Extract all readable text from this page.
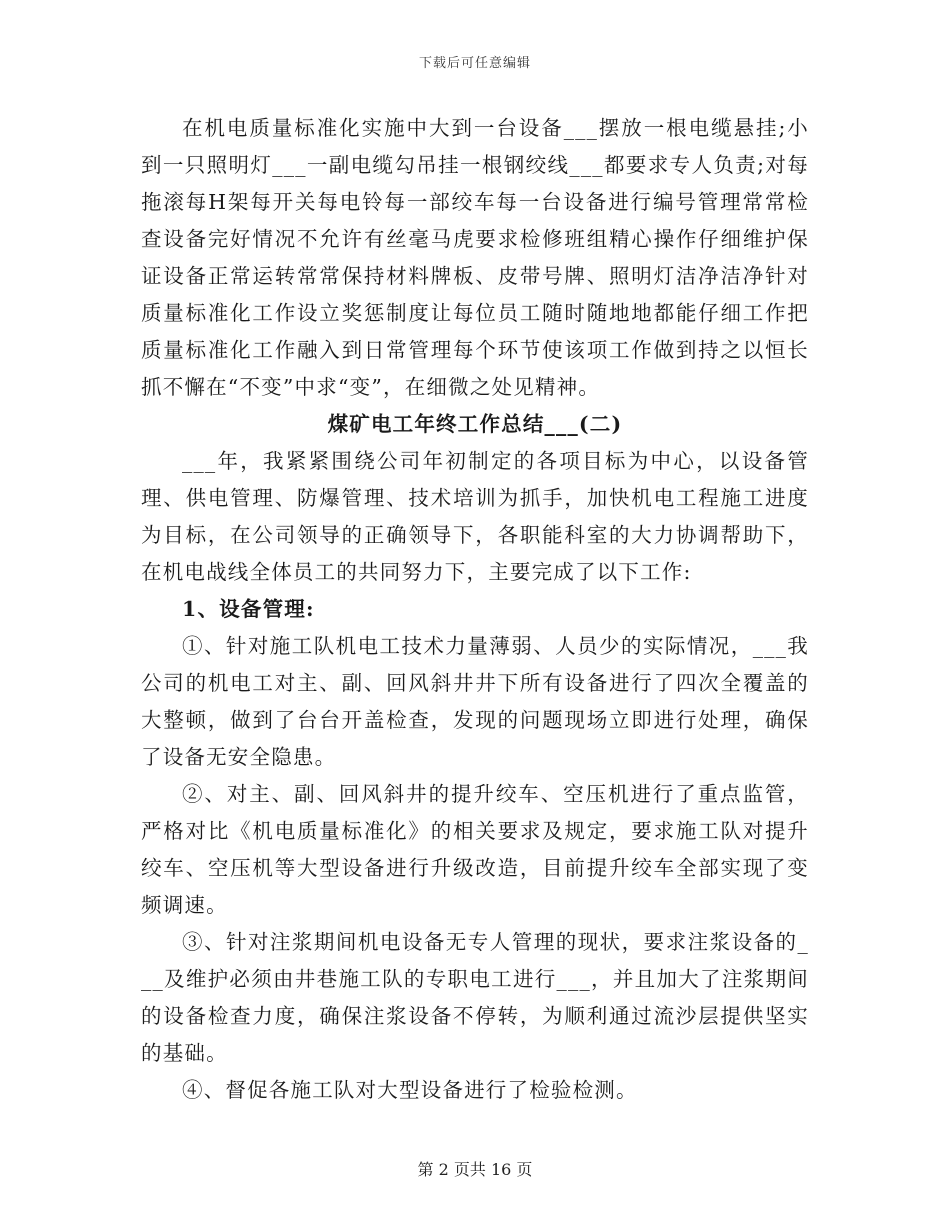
下载后可任意编辑

在机电质量标准化实施中大到一台设备___摆放一根电缆悬挂;小到一只照明灯___一副电缆勾吊挂一根钢绞线___都要求专人负责;对每拖滚每H架每开关每电铃每一部绞车每一台设备进行编号管理常常检查设备完好情况不允许有丝毫马虎要求检修班组精心操作仔细维护保证设备正常运转常常保持材料牌板、皮带号牌、照明灯洁净洁净针对质量标准化工作设立奖惩制度让每位员工随时随地地都能仔细工作把质量标准化工作融入到日常管理每个环节使该项工作做到持之以恒长抓不懈在“不变”中求“变”，在细微之处见精神。

煤矿电工年终工作总结___(二)

___年，我紧紧围绕公司年初制定的各项目标为中心，以设备管理、供电管理、防爆管理、技术培训为抓手，加快机电工程施工进度为目标，在公司领导的正确领导下，各职能科室的大力协调帮助下，在机电战线全体员工的共同努力下，主要完成了以下工作:

1、设备管理:

①、针对施工队机电工技术力量薄弱、人员少的实际情况，___我公司的机电工对主、副、回风斜井井下所有设备进行了四次全覆盖的大整顿，做到了台台开盖检查，发现的问题现场立即进行处理，确保了设备无安全隐患。

②、对主、副、回风斜井的提升绞车、空压机进行了重点监管，严格对比《机电质量标准化》的相关要求及规定，要求施工队对提升绞车、空压机等大型设备进行升级改造，目前提升绞车全部实现了变频调速。

③、针对注浆期间机电设备无专人管理的现状，要求注浆设备的___及维护必须由井巷施工队的专职电工进行___，并且加大了注浆期间的设备检查力度，确保注浆设备不停转，为顺利通过流沙层提供坚实的基础。

④、督促各施工队对大型设备进行了检验检测。

第 2 页共 16 页
